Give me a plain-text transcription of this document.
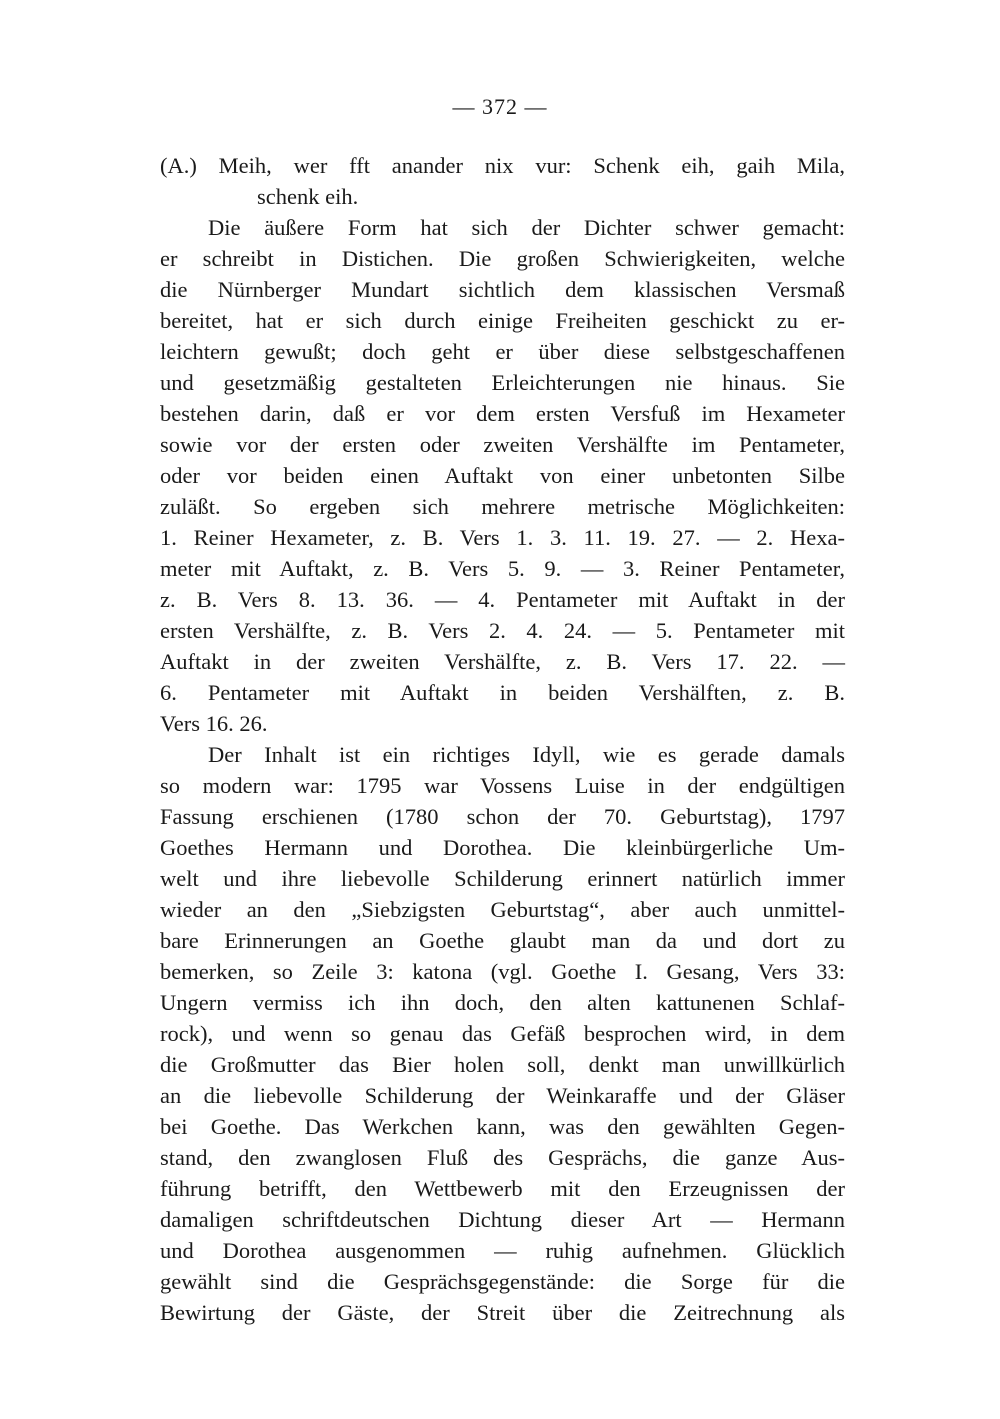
— 372 —
(A.) Meih, wer fft anander nix vur: Schenk eih, gaih Mila,
schenk eih.
Die äußere Form hat sich der Dichter schwer gemacht:
er schreibt in Distichen. Die großen Schwierigkeiten, welche
die Nürnberger Mundart sichtlich dem klassischen Versmaß
bereitet, hat er sich durch einige Freiheiten geschickt zu er-
leichtern gewußt; doch geht er über diese selbstgeschaffenen
und gesetzmäßig gestalteten Erleichterungen nie hinaus. Sie
bestehen darin, daß er vor dem ersten Versfuß im Hexameter
sowie vor der ersten oder zweiten Vershälfte im Pentameter,
oder vor beiden einen Auftakt von einer unbetonten Silbe
zuläßt. So ergeben sich mehrere metrische Möglichkeiten:
1. Reiner Hexameter, z. B. Vers 1. 3. 11. 19. 27. — 2. Hexa-
meter mit Auftakt, z. B. Vers 5. 9. — 3. Reiner Pentameter,
z. B. Vers 8. 13. 36. — 4. Pentameter mit Auftakt in der
ersten Vershälfte, z. B. Vers 2. 4. 24. — 5. Pentameter mit
Auftakt in der zweiten Vershälfte, z. B. Vers 17. 22. —
6. Pentameter mit Auftakt in beiden Vershälften, z. B.
Vers 16. 26.
Der Inhalt ist ein richtiges Idyll, wie es gerade damals
so modern war: 1795 war Vossens Luise in der endgültigen
Fassung erschienen (1780 schon der 70. Geburtstag), 1797
Goethes Hermann und Dorothea. Die kleinbürgerliche Um-
welt und ihre liebevolle Schilderung erinnert natürlich immer
wieder an den „Siebzigsten Geburtstag“, aber auch unmittel-
bare Erinnerungen an Goethe glaubt man da und dort zu
bemerken, so Zeile 3: katona (vgl. Goethe I. Gesang, Vers 33:
Ungern vermiss ich ihn doch, den alten kattunenen Schlaf-
rock), und wenn so genau das Gefäß besprochen wird, in dem
die Großmutter das Bier holen soll, denkt man unwillkürlich
an die liebevolle Schilderung der Weinkaraffe und der Gläser
bei Goethe. Das Werkchen kann, was den gewählten Gegen-
stand, den zwanglosen Fluß des Gesprächs, die ganze Aus-
führung betrifft, den Wettbewerb mit den Erzeugnissen der
damaligen schriftdeutschen Dichtung dieser Art — Hermann
und Dorothea ausgenommen — ruhig aufnehmen. Glücklich
gewählt sind die Gesprächsgegenstände: die Sorge für die
Bewirtung der Gäste, der Streit über die Zeitrechnung als
